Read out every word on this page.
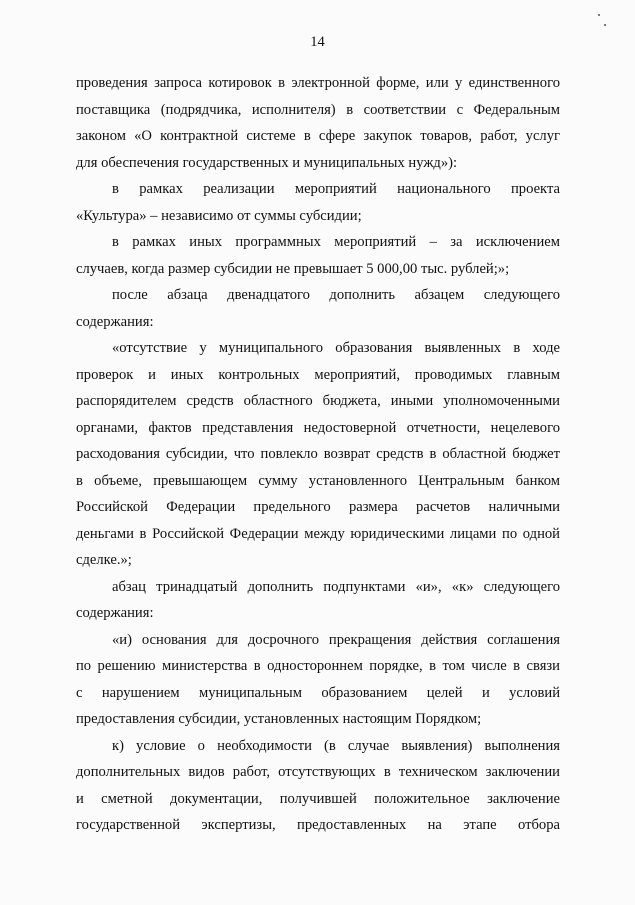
14
проведения запроса котировок в электронной форме, или у единственного
поставщика (подрядчика, исполнителя) в соответствии с Федеральным
законом «О контрактной системе в сфере закупок товаров, работ, услуг
для обеспечения государственных и муниципальных нужд»):
в рамках реализации мероприятий национального проекта
«Культура» – независимо от суммы субсидии;
в рамках иных программных мероприятий – за исключением
случаев, когда размер субсидии не превышает 5 000,00 тыс. рублей;»;
после абзаца двенадцатого дополнить абзацем следующего
содержания:
«отсутствие у муниципального образования выявленных в ходе
проверок и иных контрольных мероприятий, проводимых главным
распорядителем средств областного бюджета, иными уполномоченными
органами, фактов представления недостоверной отчетности, нецелевого
расходования субсидии, что повлекло возврат средств в областной бюджет
в объеме, превышающем сумму установленного Центральным банком
Российской Федерации предельного размера расчетов наличными
деньгами в Российской Федерации между юридическими лицами по одной
сделке.»;
абзац тринадцатый дополнить подпунктами «и», «к» следующего
содержания:
«и) основания для досрочного прекращения действия соглашения
по решению министерства в одностороннем порядке, в том числе в связи
с нарушением муниципальным образованием целей и условий
предоставления субсидии, установленных настоящим Порядком;
к) условие о необходимости (в случае выявления) выполнения
дополнительных видов работ, отсутствующих в техническом заключении
и сметной документации, получившей положительное заключение
государственной экспертизы, предоставленных на этапе отбора
